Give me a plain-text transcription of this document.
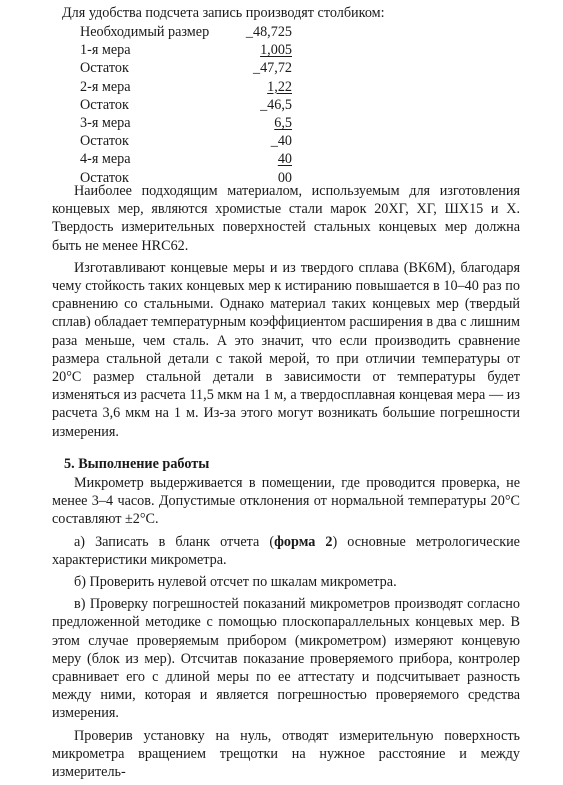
Для удобства подсчета запись производят столбиком:
Необходимый размер	_48,725
1-я мера	1,005
Остаток	_47,72
2-я мера	1,22
Остаток	_46,5
3-я мера	6,5
Остаток	_40
4-я мера	40
Остаток	00

Наиболее подходящим материалом, используемым для изготовления концевых мер, являются хромистые стали марок 20ХГ, ХГ, ШХ15 и Х. Твердость измерительных поверхностей стальных концевых мер должна быть не менее HRC62.

Изготавливают концевые меры и из твердого сплава (ВК6М), благодаря чему стойкость таких концевых мер к истиранию повышается в 10–40 раз по сравнению со стальными. Однако материал таких концевых мер (твердый сплав) обладает температурным коэффициентом расширения в два с лишним раза меньше, чем сталь. А это значит, что если производить сравнение размера стальной детали с такой мерой, то при отличии температуры от 20°С размер стальной детали в зависимости от температуры будет изменяться из расчета 11,5 мкм на 1 м, а твердосплавная концевая мера — из расчета 3,6 мкм на 1 м. Из-за этого могут возникать большие погрешности измерения.

5. Выполнение работы

Микрометр выдерживается в помещении, где проводится проверка, не менее 3–4 часов. Допустимые отклонения от нормальной температуры 20°С составляют ±2°С.

а) Записать в бланк отчета (форма 2) основные метрологические характеристики микрометра.

б) Проверить нулевой отсчет по шкалам микрометра.

в) Проверку погрешностей показаний микрометров производят согласно предложенной методике с помощью плоскопараллельных концевых мер. В этом случае проверяемым прибором (микрометром) измеряют концевую меру (блок из мер). Отсчитав показание проверяемого прибора, контролер сравнивает его с длиной меры по ее аттестату и подсчитывает разность между ними, которая и является погрешностью проверяемого средства измерения.

Проверив установку на нуль, отводят измерительную поверхность микрометра вращением трещотки на нужное расстояние и между измеритель-
